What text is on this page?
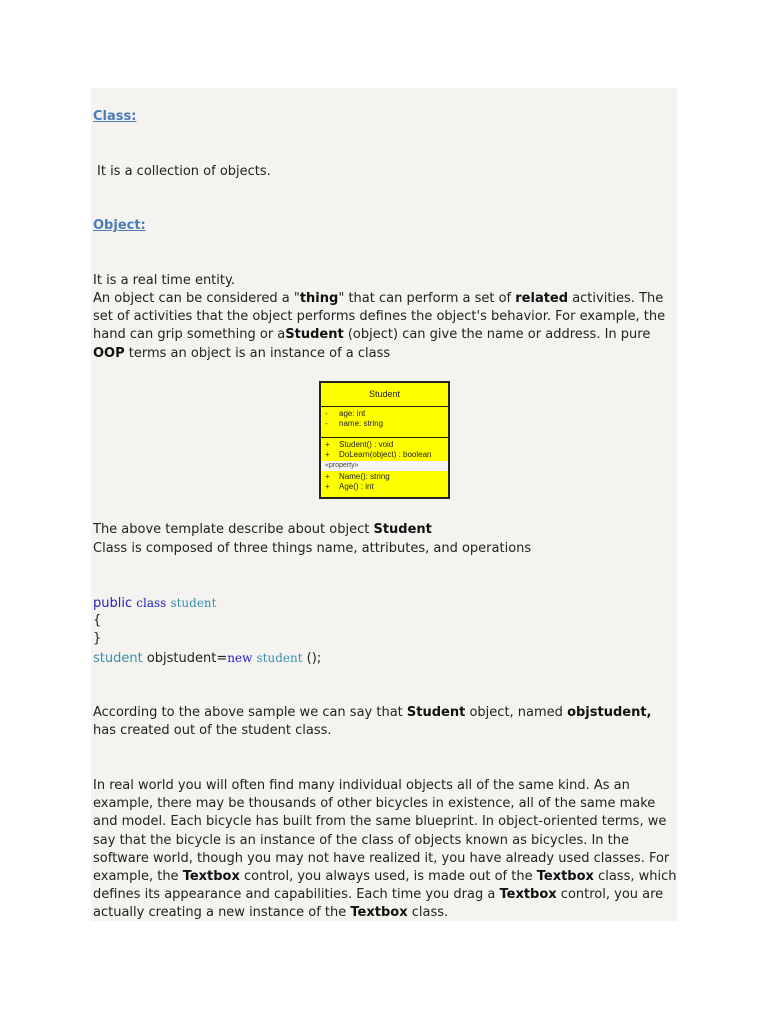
Class:
It is a collection of objects.
Object:
It is a real time entity.
An object can be considered a "thing" that can perform a set of related activities. The set of activities that the object performs defines the object's behavior. For example, the hand can grip something or aStudent (object) can give the name or address. In pure OOP terms an object is an instance of a class
Student
-	age: int
-	name: string
+	Student() : void
+	DoLearn(object) : boolean
«property»
+	Name(): string
+	Age() : int
The above template describe about object Student
Class is composed of three things name, attributes, and operations
public class student
{
}
student objstudent=new student ();
According to the above sample we can say that Student object, named objstudent, has created out of the student class.
In real world you will often find many individual objects all of the same kind. As an example, there may be thousands of other bicycles in existence, all of the same make and model. Each bicycle has built from the same blueprint. In object-oriented terms, we say that the bicycle is an instance of the class of objects known as bicycles. In the software world, though you may not have realized it, you have already used classes. For example, the Textbox control, you always used, is made out of the Textbox class, which defines its appearance and capabilities. Each time you drag a Textbox control, you are actually creating a new instance of the Textbox class.
